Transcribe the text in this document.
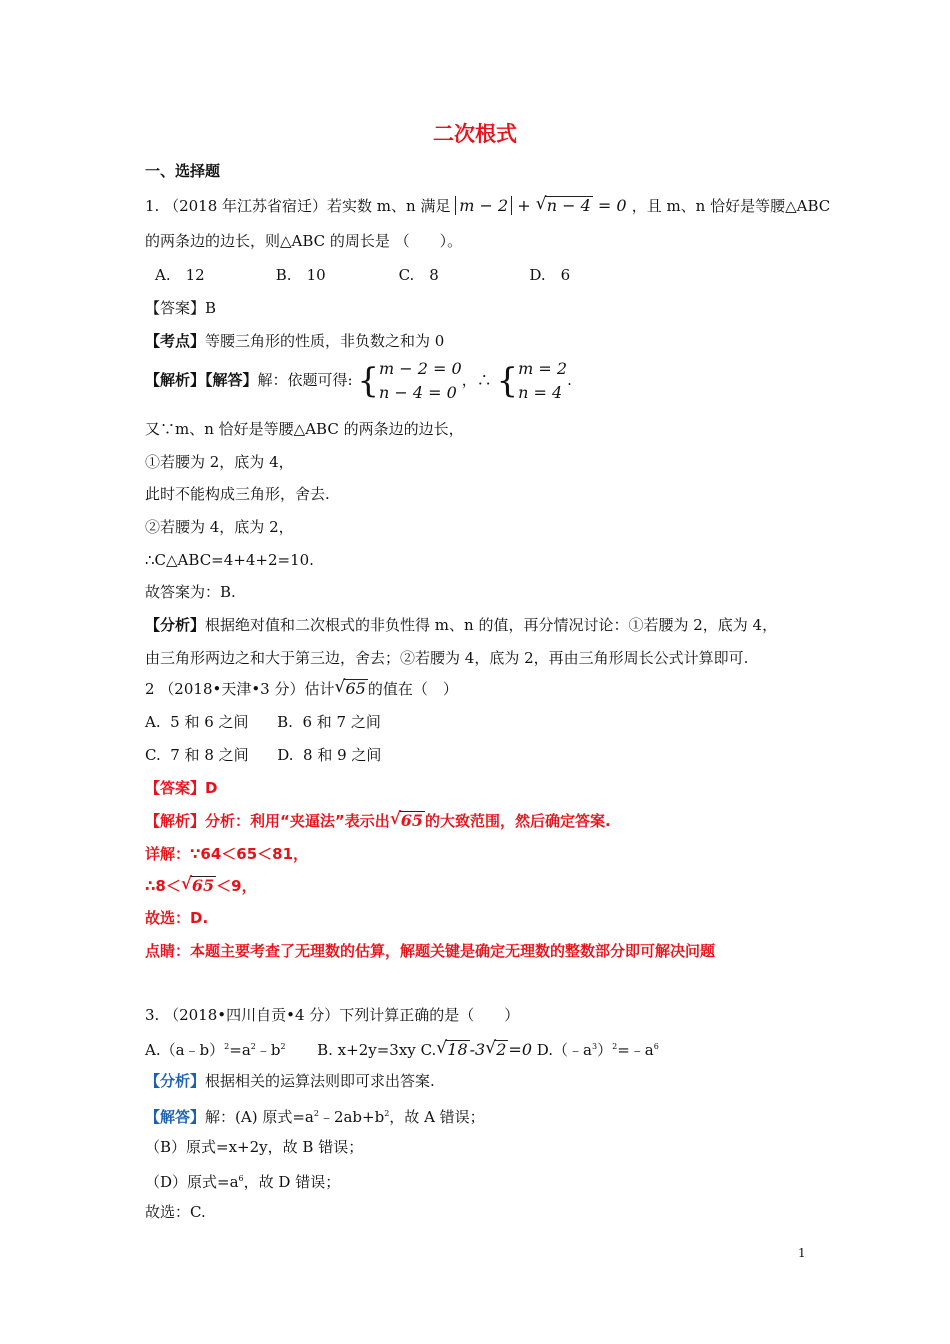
二次根式
一、选择题
1. （2018 年江苏省宿迁）若实数 m、n 满足 m − 2 + √ n − 4 = 0 ，且 m、n 恰好是等腰△ABC
的两条边的边长，则△ABC 的周长是 （　　）。
A.　12	B.　10	C.　8	D.　6
【答案】B
【考点】等腰三角形的性质，非负数之和为 0
【解析】【解答】解：依题可得: {m − 2 = 0
n − 4 = 0，∴ {m = 2
n = 4.
又∵m、n 恰好是等腰△ABC 的两条边的边长，
①若腰为 2，底为 4，
此时不能构成三角形，舍去.
②若腰为 4，底为 2，
∴C△ABC=4+4+2=10.
故答案为：B.
【分析】根据绝对值和二次根式的非负性得 m、n 的值，再分情况讨论：①若腰为 2，底为 4，
由三角形两边之和大于第三边，舍去；②若腰为 4，底为 2，再由三角形周长公式计算即可.
2 （2018•天津•3 分）估计 √ 65 的值在（　）
A.  5 和 6 之间      B.  6 和 7 之间
C.  7 和 8 之间      D.  8 和 9 之间
【答案】D
【解析】分析：利用“夹逼法”表示出 √ 65 的大致范围，然后确定答案.
详解：∵64＜65＜81，
∴8＜ √ 65 ＜9，
故选：D.
点睛：本题主要考查了无理数的估算，解题关键是确定无理数的整数部分即可解决问题
3. （2018•四川自贡•4 分）下列计算正确的是（　　）
$A.(a﹣b)^2=a^2﹣b^2$ B. x+2y=3xy C. √ 18 -3 √ 2 =0 $D.(﹣a^3)^2=﹣a^6$
【分析】根据相关的运算法则即可求出答案.
【解答】解：(A) 原式$=a^2﹣2ab+b^2$，故 A 错误；
（B）原式=x+2y，故 B 错误；
（D）原式$=a^6$，故 D 错误；
故选：C.
1
